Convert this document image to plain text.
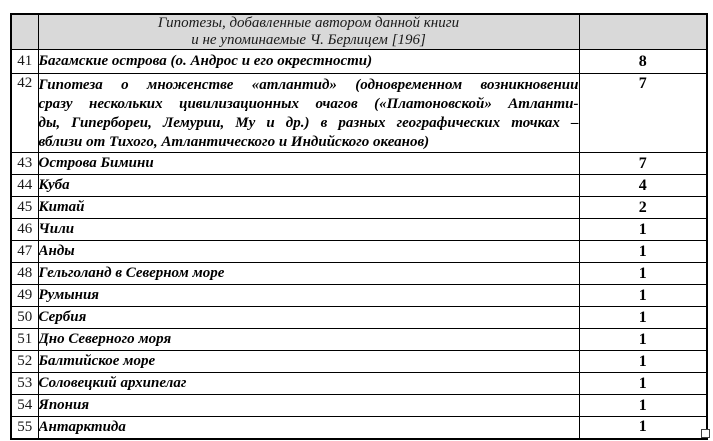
	Гипотезы, добавленные автором данной книги
и не упоминаемые Ч. Берлицем [196]	

41	Багамские острова (о. Андрос и его окрестности)	8
42	Гипотеза о множенстве «атлантид» (одновременном возникновении
сразу нескольких цивилизационных очагов («Платоновской» Атланти-
ды, Гипербореи, Лемурии, Му и др.) в разных географических точках –
вблизи от Тихого, Атлантического и Индийского океанов)	7
43	Острова Бимини	7
44	Куба	4
45	Китай	2
46	Чили	1
47	Анды	1
48	Гельголанд в Северном море	1
49	Румыния	1
50	Сербия	1
51	Дно Северного моря	1
52	Балтийское море	1
53	Соловецкий архипелаг	1
54	Япония	1
55	Антарктида	1
